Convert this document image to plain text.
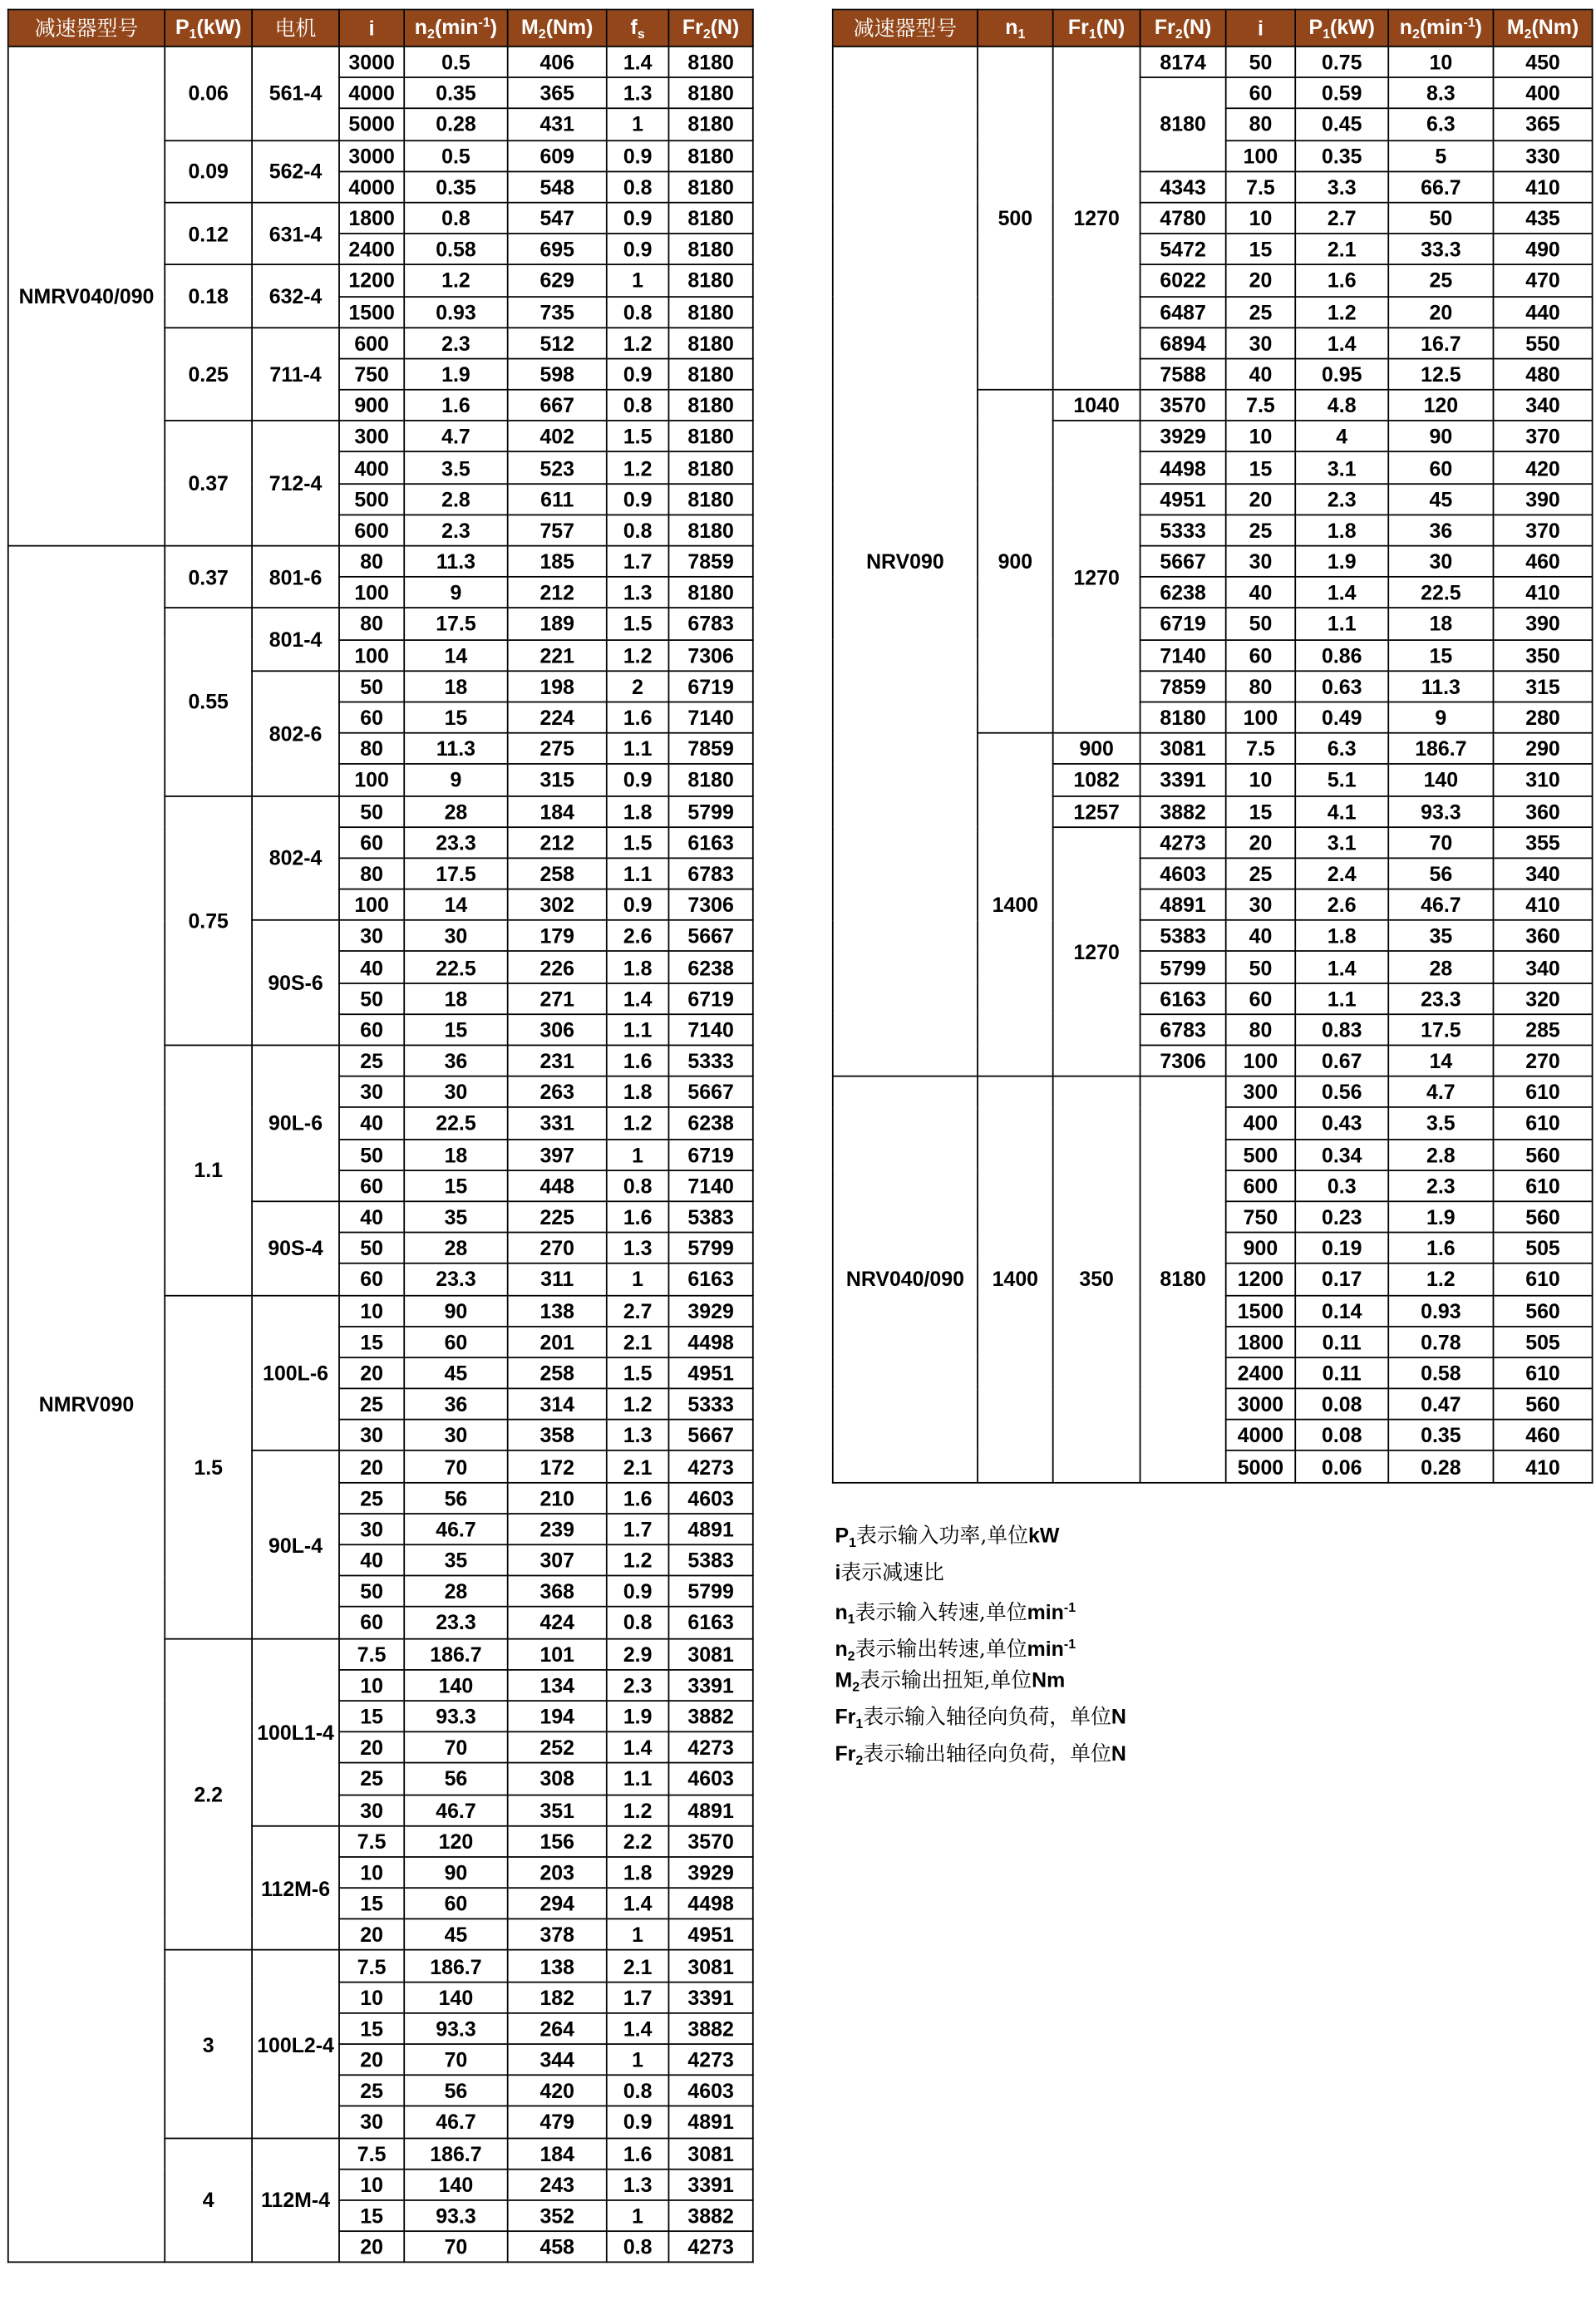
减速器型号	$P_1(kW)$	电机	i	$n_2(\min^{-1})$	$M_2(Nm)$	$f_s$	$Fr_2(N)$
NMRV040/090	0.06	561-4	3000	0.5	406	1.4	8180
			4000	0.35	365	1.3	8180
			5000	0.28	431	1	8180
	0.09	562-4	3000	0.5	609	0.9	8180
			4000	0.35	548	0.8	8180
	0.12	631-4	1800	0.8	547	0.9	8180
			2400	0.58	695	0.9	8180
	0.18	632-4	1200	1.2	629	1	8180
			1500	0.93	735	0.8	8180
	0.25	711-4	600	2.3	512	1.2	8180
			750	1.9	598	0.9	8180
			900	1.6	667	0.8	8180
	0.37	712-4	300	4.7	402	1.5	8180
			400	3.5	523	1.2	8180
			500	2.8	611	0.9	8180
			600	2.3	757	0.8	8180
NMRV090	0.37	801-6	80	11.3	185	1.7	7859
			100	9	212	1.3	8180
	0.55	801-4	80	17.5	189	1.5	6783
			100	14	221	1.2	7306
		802-6	50	18	198	2	6719
			60	15	224	1.6	7140
			80	11.3	275	1.1	7859
			100	9	315	0.9	8180
	0.75	802-4	50	28	184	1.8	5799
			60	23.3	212	1.5	6163
			80	17.5	258	1.1	6783
			100	14	302	0.9	7306
		90S-6	30	30	179	2.6	5667
			40	22.5	226	1.8	6238
			50	18	271	1.4	6719
			60	15	306	1.1	7140
	1.1	90L-6	25	36	231	1.6	5333
			30	30	263	1.8	5667
			40	22.5	331	1.2	6238
			50	18	397	1	6719
			60	15	448	0.8	7140
		90S-4	40	35	225	1.6	5383
			50	28	270	1.3	5799
			60	23.3	311	1	6163
	1.5	100L-6	10	90	138	2.7	3929
			15	60	201	2.1	4498
			20	45	258	1.5	4951
			25	36	314	1.2	5333
			30	30	358	1.3	5667
		90L-4	20	70	172	2.1	4273
			25	56	210	1.6	4603
			30	46.7	239	1.7	4891
			40	35	307	1.2	5383
			50	28	368	0.9	5799
			60	23.3	424	0.8	6163
	2.2	100L1-4	7.5	186.7	101	2.9	3081
			10	140	134	2.3	3391
			15	93.3	194	1.9	3882
			20	70	252	1.4	4273
			25	56	308	1.1	4603
			30	46.7	351	1.2	4891
		112M-6	7.5	120	156	2.2	3570
			10	90	203	1.8	3929
			15	60	294	1.4	4498
			20	45	378	1	4951
	3	100L2-4	7.5	186.7	138	2.1	3081
			10	140	182	1.7	3391
			15	93.3	264	1.4	3882
			20	70	344	1	4273
			25	56	420	0.8	4603
			30	46.7	479	0.9	4891
	4	112M-4	7.5	186.7	184	1.6	3081
			10	140	243	1.3	3391
			15	93.3	352	1	3882
			20	70	458	0.8	4273
减速器型号	$n_1$	$Fr_1(N)$	$Fr_2(N)$	i	$P_1(kW)$	$n_2(\min^{-1})$	$M_2(Nm)$
NRV090	500	1270	8174	50	0.75	10	450
			8180	60	0.59	8.3	400
				80	0.45	6.3	365
				100	0.35	5	330
			4343	7.5	3.3	66.7	410
			4780	10	2.7	50	435
			5472	15	2.1	33.3	490
			6022	20	1.6	25	470
			6487	25	1.2	20	440
			6894	30	1.4	16.7	550
			7588	40	0.95	12.5	480
	900	1040	3570	7.5	4.8	120	340
		1270	3929	10	4	90	370
			4498	15	3.1	60	420
			4951	20	2.3	45	390
			5333	25	1.8	36	370
			5667	30	1.9	30	460
			6238	40	1.4	22.5	410
			6719	50	1.1	18	390
			7140	60	0.86	15	350
			7859	80	0.63	11.3	315
			8180	100	0.49	9	280
	1400	900	3081	7.5	6.3	186.7	290
		1082	3391	10	5.1	140	310
		1257	3882	15	4.1	93.3	360
		1270	4273	20	3.1	70	355
			4603	25	2.4	56	340
			4891	30	2.6	46.7	410
			5383	40	1.8	35	360
			5799	50	1.4	28	340
			6163	60	1.1	23.3	320
			6783	80	0.83	17.5	285
			7306	100	0.67	14	270
NRV040/090	1400	350	8180	300	0.56	4.7	610
				400	0.43	3.5	610
				500	0.34	2.8	560
				600	0.3	2.3	610
				750	0.23	1.9	560
				900	0.19	1.6	505
				1200	0.17	1.2	610
				1500	0.14	0.93	560
				1800	0.11	0.78	505
				2400	0.11	0.58	610
				3000	0.08	0.47	560
				4000	0.08	0.35	460
				5000	0.06	0.28	410
$P_1$表示输入功率,单位kW
i表示减速比
$n_1$表示输入转速,单位$\min^{-1}$
$n_2$表示输出转速,单位$\min^{-1}$
$M_2$表示输出扭矩,单位Nm
$Fr_1$表示输入轴径向负荷，单位N
$Fr_2$表示输出轴径向负荷，单位N
